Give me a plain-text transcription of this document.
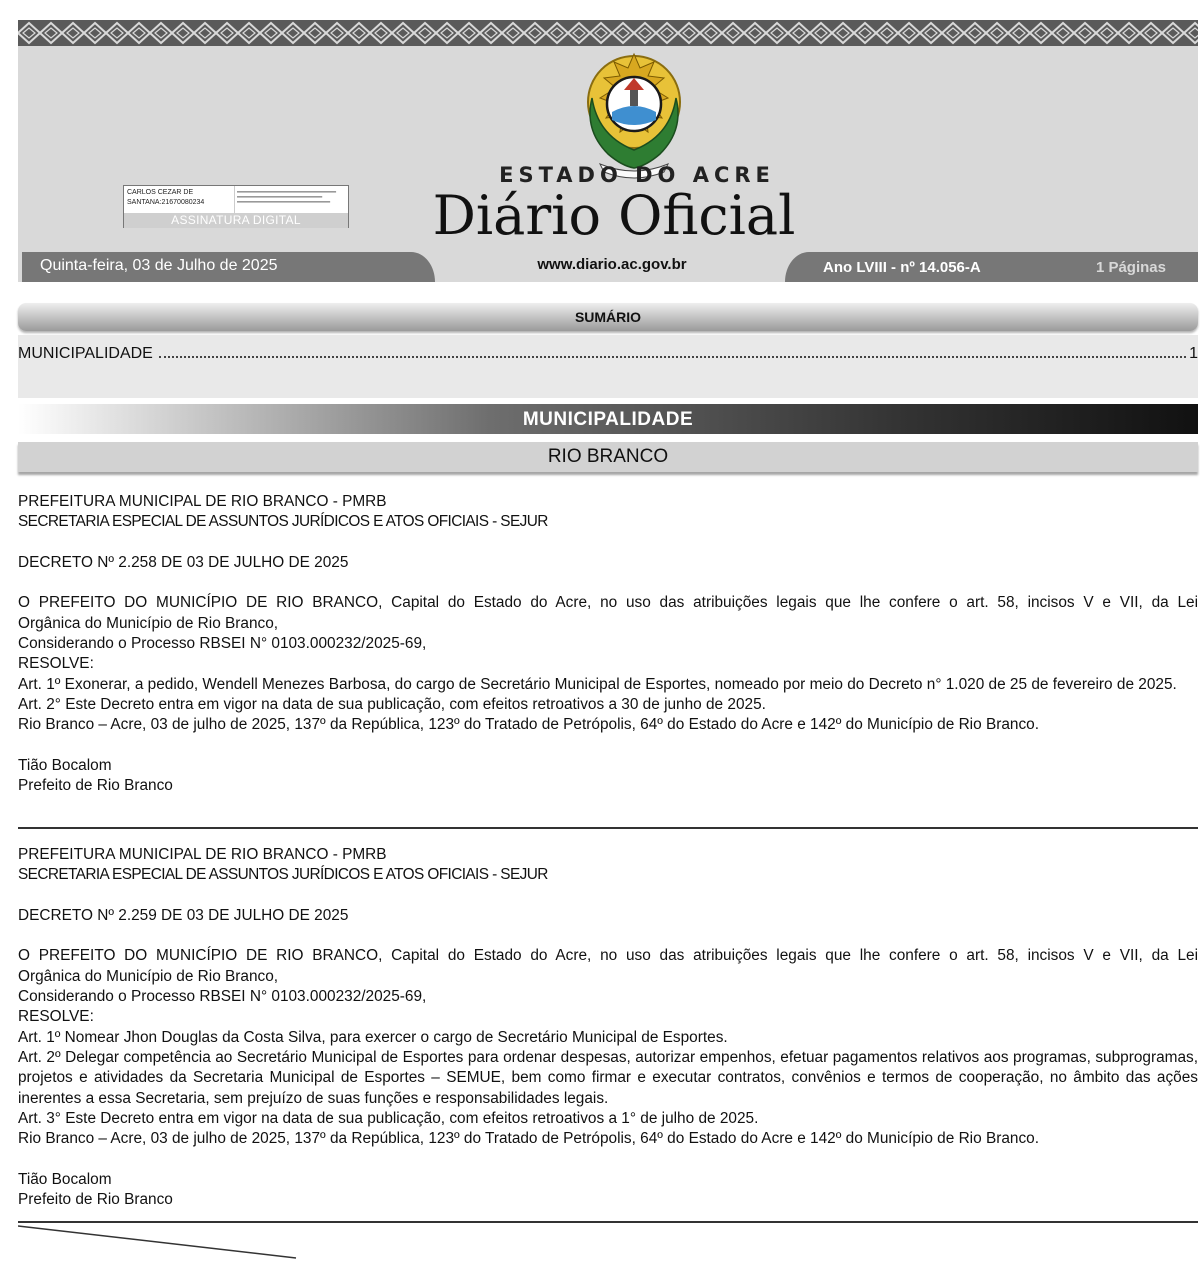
ESTADO DO ACRE
Diário Oficial
CARLOS CEZAR DE
SANTANA:21670080234
ASSINATURA DIGITAL
Quinta-feira, 03 de Julho de 2025	www.diario.ac.gov.br	Ano LVIII - nº 14.056-A	1 Páginas
SUMÁRIO
MUNICIPALIDADE	1
MUNICIPALIDADE
RIO BRANCO

PREFEITURA MUNICIPAL DE RIO BRANCO - PMRB

SECRETARIA ESPECIAL DE ASSUNTOS JURÍDICOS E ATOS OFICIAIS - SEJUR

DECRETO Nº 2.258 DE 03 DE JULHO DE 2025

O PREFEITO DO MUNICÍPIO DE RIO BRANCO, Capital do Estado do Acre, no uso das atribuições legais que lhe confere o art. 58, incisos V e VII, da Lei

Orgânica do Município de Rio Branco,

Considerando o Processo RBSEI N° 0103.000232/2025-69,

RESOLVE:

Art. 1º Exonerar, a pedido, Wendell Menezes Barbosa, do cargo de Secretário Municipal de Esportes, nomeado por meio do Decreto n° 1.020 de 25 de fevereiro de 2025.

Art. 2° Este Decreto entra em vigor na data de sua publicação, com efeitos retroativos a 30 de junho de 2025.

Rio Branco – Acre, 03 de julho de 2025, 137º da República, 123º do Tratado de Petrópolis, 64º do Estado do Acre e 142º do Município de Rio Branco.

Tião Bocalom

Prefeito de Rio Branco

PREFEITURA MUNICIPAL DE RIO BRANCO - PMRB

SECRETARIA ESPECIAL DE ASSUNTOS JURÍDICOS E ATOS OFICIAIS - SEJUR

DECRETO Nº 2.259 DE 03 DE JULHO DE 2025

O PREFEITO DO MUNICÍPIO DE RIO BRANCO, Capital do Estado do Acre, no uso das atribuições legais que lhe confere o art. 58, incisos V e VII, da Lei

Orgânica do Município de Rio Branco,

Considerando o Processo RBSEI N° 0103.000232/2025-69,

RESOLVE:

Art. 1º Nomear Jhon Douglas da Costa Silva, para exercer o cargo de Secretário Municipal de Esportes.

Art. 2º Delegar competência ao Secretário Municipal de Esportes para ordenar despesas, autorizar empenhos, efetuar pagamentos relativos aos programas, subprogramas, projetos e atividades da Secretaria Municipal de Esportes – SEMUE, bem como firmar e executar contratos, convênios e termos de cooperação, no âmbito das ações inerentes a essa Secretaria, sem prejuízo de suas funções e responsabilidades legais.

Art. 3° Este Decreto entra em vigor na data de sua publicação, com efeitos retroativos a 1° de julho de 2025.

Rio Branco – Acre, 03 de julho de 2025, 137º da República, 123º do Tratado de Petrópolis, 64º do Estado do Acre e 142º do Município de Rio Branco.

Tião Bocalom

Prefeito de Rio Branco
